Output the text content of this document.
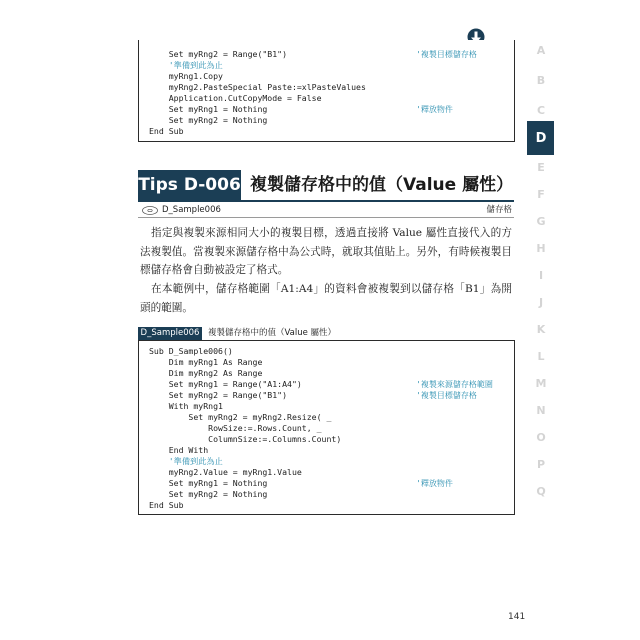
Set myRng2 = Range("B1")
'準備到此為止
myRng1.Copy
myRng2.PasteSpecial Paste:=xlPasteValues
Application.CutCopyMode = False
Set myRng1 = Nothing
Set myRng2 = Nothing
End Sub
'複製目標儲存格
'釋放物件
A
B
C
D
E
F
G
H
I
J
K
L
M
N
O
P
Q
Tips D-006 複製儲存格中的值（Value 屬性）
D_Sample006	儲存格
指定與複製來源相同大小的複製目標，透過直接將 Value 屬性直接代入的方法複製值。當複製來源儲存格中為公式時，就取其值貼上。另外，有時候複製目標儲存格會自動被設定了格式。
在本範例中，儲存格範圍「A1:A4」的資料會被複製到以儲存格「B1」為開頭的範圍。
D_Sample006	複製儲存格中的值（Value 屬性）
Sub D_Sample006()
Dim myRng1 As Range
Dim myRng2 As Range
Set myRng1 = Range("A1:A4")
Set myRng2 = Range("B1")
With myRng1
Set myRng2 = myRng2.Resize( _
RowSize:=.Rows.Count, _
ColumnSize:=.Columns.Count)
End With
'準備到此為止
myRng2.Value = myRng1.Value
Set myRng1 = Nothing
Set myRng2 = Nothing
End Sub
'複製來源儲存格範圍
'複製目標儲存格
'釋放物件
141
